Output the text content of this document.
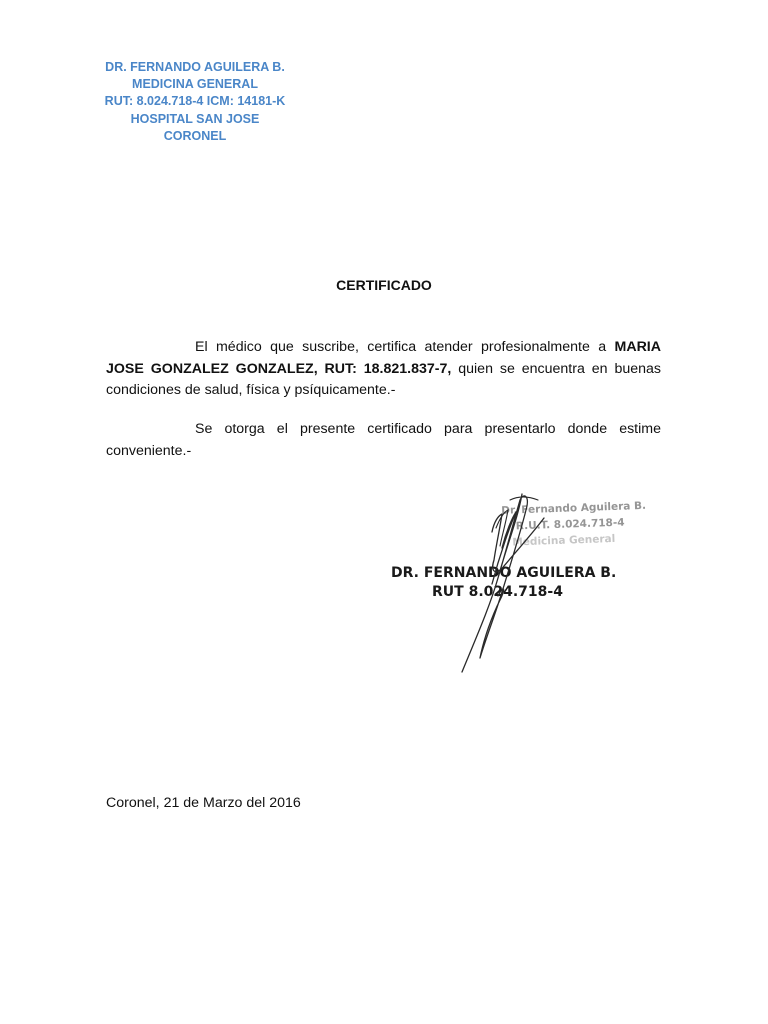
DR. FERNANDO AGUILERA B.
MEDICINA GENERAL
RUT: 8.024.718-4 ICM: 14181-K
HOSPITAL SAN JOSE
CORONEL
CERTIFICADO

El médico que suscribe, certifica atender profesionalmente a MARIA JOSE GONZALEZ GONZALEZ, RUT: 18.821.837-7, quien se encuentra en buenas condiciones de salud, física y psíquicamente.-

Se otorga el presente certificado para presentarlo donde estime conveniente.-

Dr. Fernando Aguilera B.
R.U.T. 8.024.718-4
Medicina General
DR. FERNANDO AGUILERA B.
RUT 8.024.718-4
Coronel, 21 de Marzo del 2016
